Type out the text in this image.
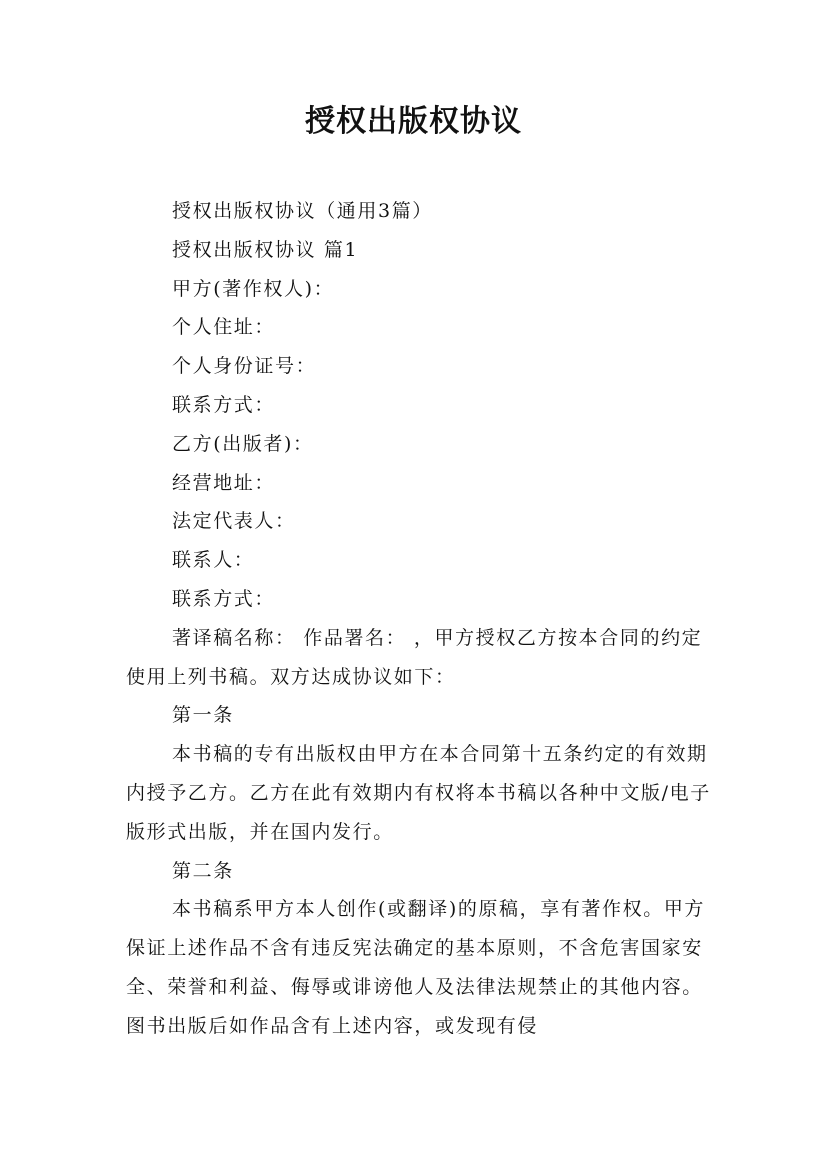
授权出版权协议

授权出版权协议（通用3篇）

授权出版权协议 篇1

甲方(著作权人)：

个人住址：

个人身份证号：

联系方式：

乙方(出版者)：

经营地址：

法定代表人：

联系人：

联系方式：

著译稿名称： 作品署名： ，甲方授权乙方按本合同的约定使用上列书稿。双方达成协议如下：

第一条

本书稿的专有出版权由甲方在本合同第十五条约定的有效期内授予乙方。乙方在此有效期内有权将本书稿以各种中文版/电子版形式出版，并在国内发行。

第二条

本书稿系甲方本人创作(或翻译)的原稿，享有著作权。甲方保证上述作品不含有违反宪法确定的基本原则，不含危害国家安全、荣誉和利益、侮辱或诽谤他人及法律法规禁止的其他内容。图书出版后如作品含有上述内容，或发现有侵
